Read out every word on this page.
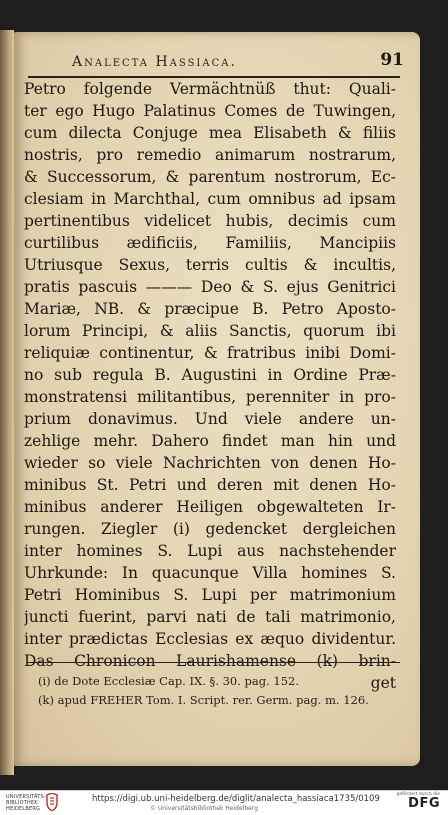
Analecta Hassiaca.	91
Petro folgende Vermächtnüß thut: Quali-
ter ego Hugo Palatinus Comes de Tuwingen,
cum dilecta Conjuge mea Elisabeth & filiis
nostris, pro remedio animarum nostrarum,
& Successorum, & parentum nostrorum, Ec-
clesiam in Marchthal, cum omnibus ad ipsam
pertinentibus videlicet hubis, decimis cum
curtilibus ædificiis, Familiis, Mancipiis
Utriusque Sexus, terris cultis & incultis,
pratis pascuis ——— Deo & S. ejus Genitrici
Mariæ, NB. & præcipue B. Petro Aposto-
lorum Principi, & aliis Sanctis, quorum ibi
reliquiæ continentur, & fratribus inibi Domi-
no sub regula B. Augustini in Ordine Præ-
monstratensi militantibus, perenniter in pro-
prium donavimus. Und viele andere un-
zehlige mehr. Dahero findet man hin und
wieder so viele Nachrichten von denen Ho-
minibus St. Petri und deren mit denen Ho-
minibus anderer Heiligen obgewalteten Ir-
rungen. Ziegler (i) gedencket dergleichen
inter homines S. Lupi aus nachstehender
Uhrkunde: In quacunque Villa homines S.
Petri Hominibus S. Lupi per matrimonium
juncti fuerint, parvi nati de tali matrimonio,
inter prædictas Ecclesias ex æquo dividentur.
Das Chronicon Laurishamense (k) brin-
get
(i) de Dote Ecclesiæ Cap. IX. §. 30. pag. 152.
(k) apud FREHER Tom. I. Script. rer. Germ. pag. m. 126.
UNIVERSITÄTS-
BIBLIOTHEK
HEIDELBERG
https://digi.ub.uni-heidelberg.de/diglit/analecta_hassiaca1735/0109
© Universitätsbibliothek Heidelberg
gefördert durch die
DFG
